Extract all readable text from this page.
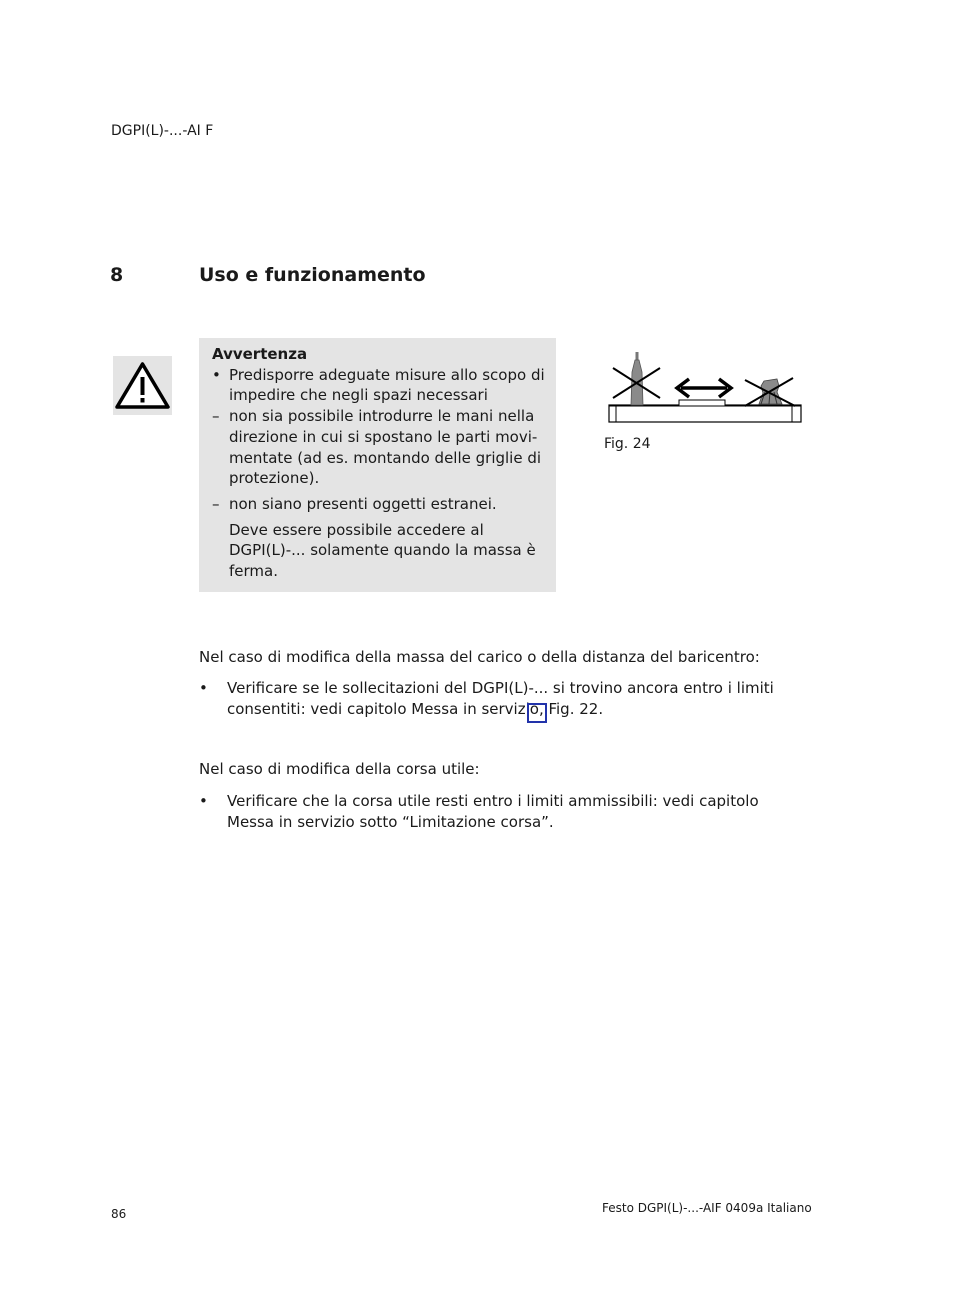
DGPI(L)-...-AI F
8	Uso e funzionamento
Avvertenza
• Predisporre adeguate misure allo scopo di impedire che negli spazi necessari
– non sia possibile introdurre le mani nella direzione in cui si spostano le parti movi-mentate (ad es. montando delle griglie di protezione).
– non siano presenti oggetti estranei.
Deve essere possibile accedere al DGPI(L)-... solamente quando la massa è ferma.
Fig. 24
Nel caso di modifica della massa del carico o della distanza del baricentro:
•	Verificare se le sollecitazioni del DGPI(L)-... si trovino ancora entro i limiti consentiti: vedi capitolo Messa in servizio, Fig. 22.
Nel caso di modifica della corsa utile:
•	Verificare che la corsa utile resti entro i limiti ammissibili: vedi capitolo Messa in servizio sotto “Limitazione corsa”.
86	Festo DGPI(L)-...-AIF 0409a Italiano
